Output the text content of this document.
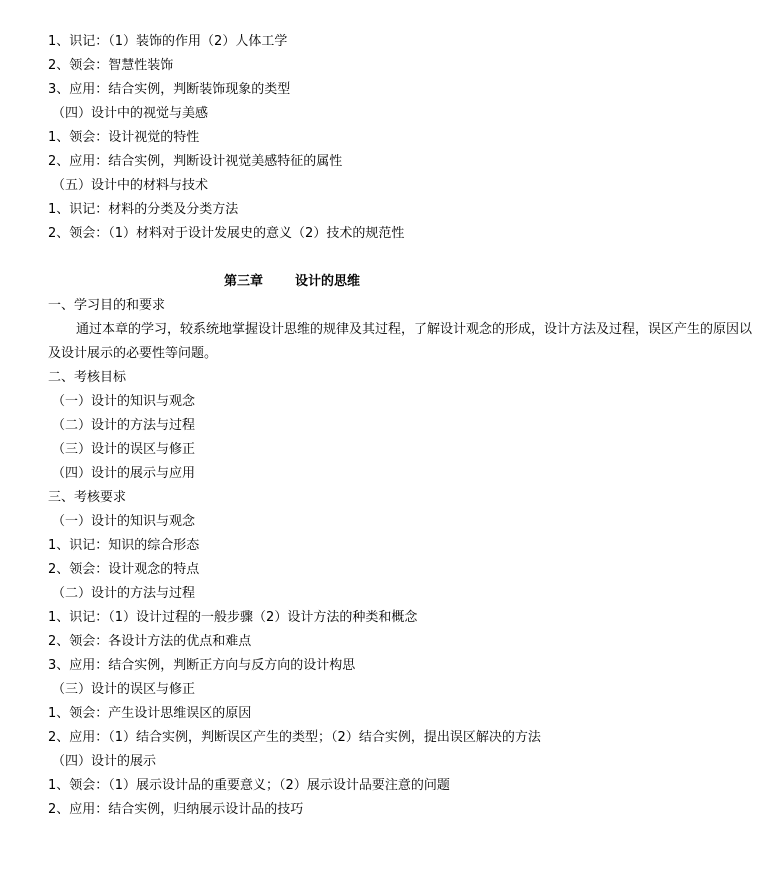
1、识记：（1）装饰的作用（2）人体工学
2、领会：智慧性装饰
3、应用：结合实例，判断装饰现象的类型
（四）设计中的视觉与美感
1、领会：设计视觉的特性
2、应用：结合实例，判断设计视觉美感特征的属性
（五）设计中的材料与技术
1、识记：材料的分类及分类方法
2、领会：（1）材料对于设计发展史的意义（2）技术的规范性
第三章 设计的思维
一、学习目的和要求
通过本章的学习，较系统地掌握设计思维的规律及其过程，了解设计观念的形成，设计方法及过程，误区产生的原因以及设计展示的必要性等问题。
二、考核目标
（一）设计的知识与观念
（二）设计的方法与过程
（三）设计的误区与修正
（四）设计的展示与应用
三、考核要求
（一）设计的知识与观念
1、识记：知识的综合形态
2、领会：设计观念的特点
（二）设计的方法与过程
1、识记：（1）设计过程的一般步骤（2）设计方法的种类和概念
2、领会：各设计方法的优点和难点
3、应用：结合实例，判断正方向与反方向的设计构思
（三）设计的误区与修正
1、领会：产生设计思维误区的原因
2、应用：（1）结合实例，判断误区产生的类型；（2）结合实例，提出误区解决的方法
（四）设计的展示
1、领会：（1）展示设计品的重要意义；（2）展示设计品要注意的问题
2、应用：结合实例，归纳展示设计品的技巧
